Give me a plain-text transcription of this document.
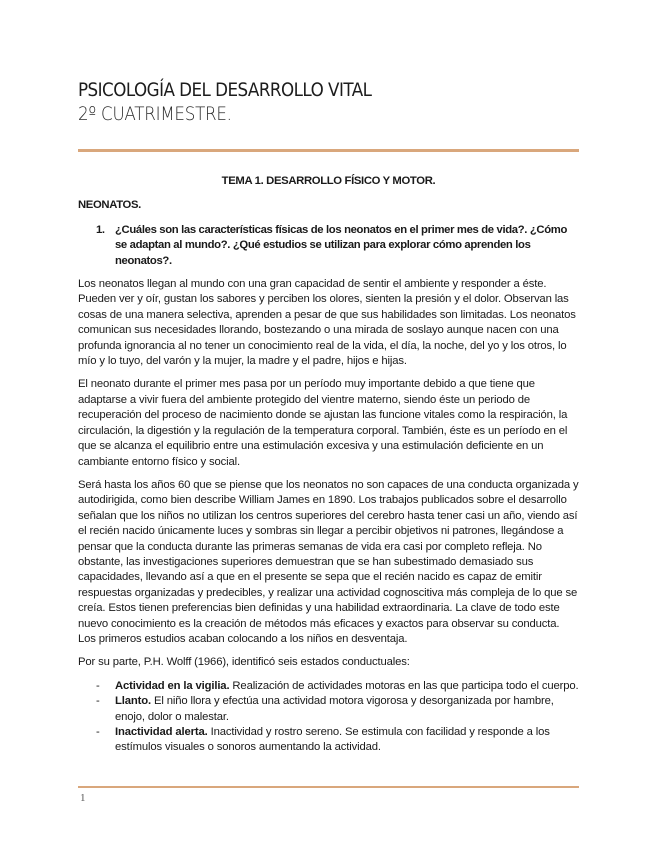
PSICOLOGÍA DEL DESARROLLO VITAL
2º CUATRIMESTRE.
TEMA 1. DESARROLLO FÍSICO Y MOTOR.
NEONATOS.
1. ¿Cuáles son las características físicas de los neonatos en el primer mes de vida?. ¿Cómo se adaptan al mundo?. ¿Qué estudios se utilizan para explorar cómo aprenden los neonatos?.

Los neonatos llegan al mundo con una gran capacidad de sentir el ambiente y responder a éste. Pueden ver y oír, gustan los sabores y perciben los olores, sienten la presión y el dolor. Observan las cosas de una manera selectiva, aprenden a pesar de que sus habilidades son limitadas. Los neonatos comunican sus necesidades llorando, bostezando o una mirada de soslayo aunque nacen con una profunda ignorancia al no tener un conocimiento real de la vida, el día, la noche, del yo y los otros, lo mío y lo tuyo, del varón y la mujer, la madre y el padre, hijos e hijas.

El neonato durante el primer mes pasa por un período muy importante debido a que tiene que adaptarse a vivir fuera del ambiente protegido del vientre materno, siendo éste un periodo de recuperación del proceso de nacimiento donde se ajustan las funcione vitales como la respiración, la circulación, la digestión y la regulación de la temperatura corporal. También, éste es un período en el que se alcanza el equilibrio entre una estimulación excesiva y una estimulación deficiente en un cambiante entorno físico y social.

Será hasta los años 60 que se piense que los neonatos no son capaces de una conducta organizada y autodirigida, como bien describe William James en 1890. Los trabajos publicados sobre el desarrollo señalan que los niños no utilizan los centros superiores del cerebro hasta tener casi un año, viendo así el recién nacido únicamente luces y sombras sin llegar a percibir objetivos ni patrones, llegándose a pensar que la conducta durante las primeras semanas de vida era casi por completo refleja. No obstante, las investigaciones superiores demuestran que se han subestimado demasiado sus capacidades, llevando así a que en el presente se sepa que el recién nacido es capaz de emitir respuestas organizadas y predecibles, y realizar una actividad cognoscitiva más compleja de lo que se creía. Estos tienen preferencias bien definidas y una habilidad extraordinaria. La clave de todo este nuevo conocimiento es la creación de métodos más eficaces y exactos para observar su conducta. Los primeros estudios acaban colocando a los niños en desventaja.

Por su parte, P.H. Wolff (1966), identificó seis estados conductuales:

-	Actividad en la vigilia. Realización de actividades motoras en las que participa todo el cuerpo.
-	Llanto. El niño llora y efectúa una actividad motora vigorosa y desorganizada por hambre, enojo, dolor o malestar.
-	Inactividad alerta. Inactividad y rostro sereno. Se estimula con facilidad y responde a los estímulos visuales o sonoros aumentando la actividad.
1
